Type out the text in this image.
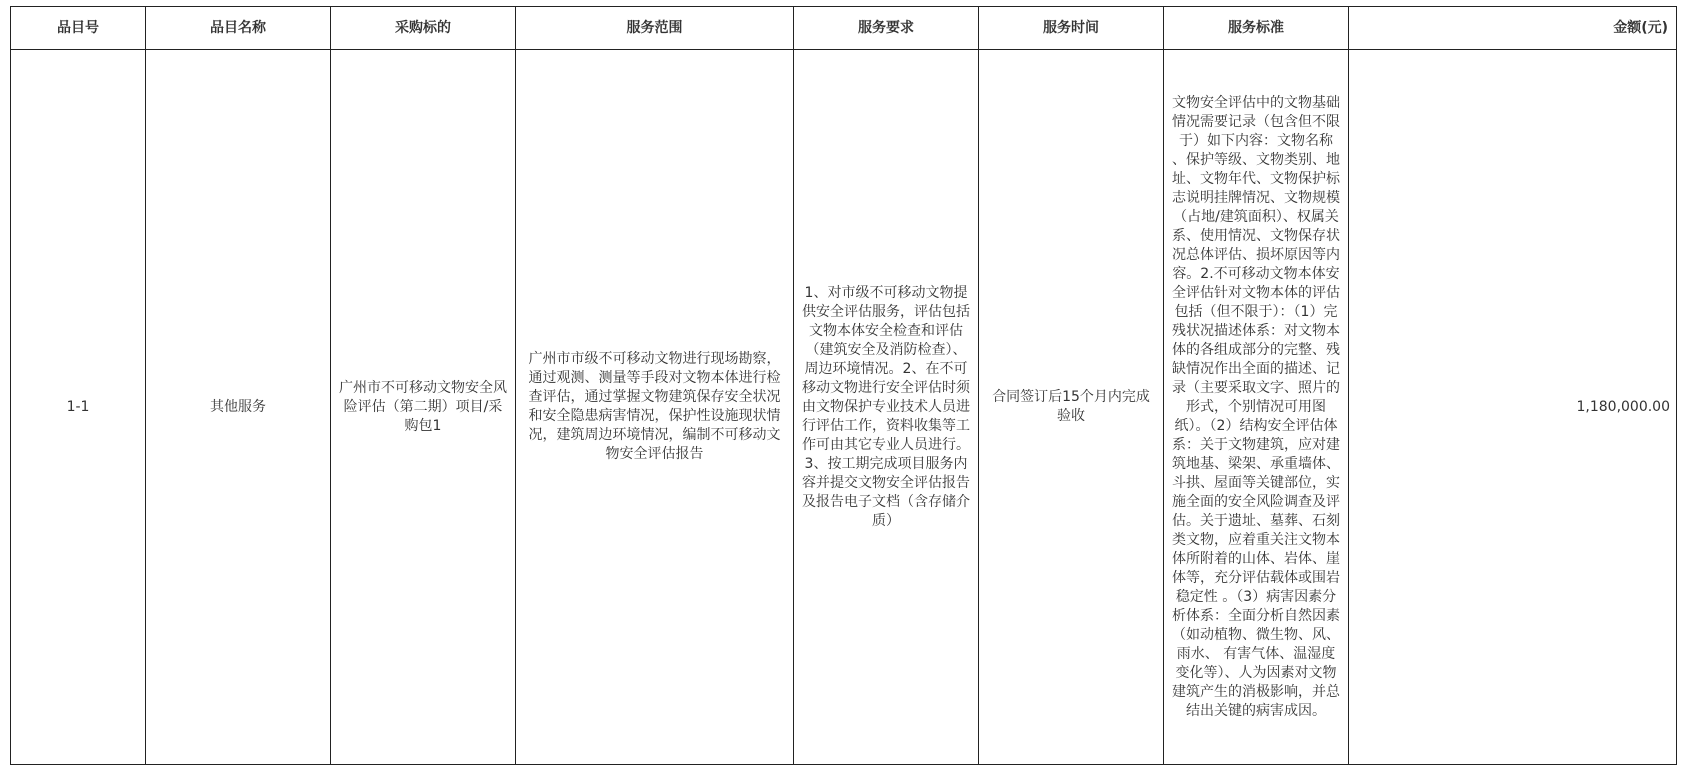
品目号	品目名称	采购标的	服务范围	服务要求	服务时间	服务标准	金额(元)
1-1	其他服务	广州市不可移动文物安全风险评估（第二期）项目/采购包1	广州市市级不可移动文物进行现场勘察，通过观测、测量等手段对文物本体进行检查评估，通过掌握文物建筑保存安全状况和安全隐患病害情况，保护性设施现状情况，建筑周边环境情况，编制不可移动文物安全评估报告	1、对市级不可移动文物提供安全评估服务，评估包括文物本体安全检查和评估（建筑安全及消防检查）、周边环境情况。2、在不可移动文物进行安全评估时须由文物保护专业技术人员进行评估工作，资料收集等工作可由其它专业人员进行。3、按工期完成项目服务内容并提交文物安全评估报告及报告电子文档（含存储介质）	合同签订后15个月内完成验收	文物安全评估中的文物基础情况需要记录（包含但不限于）如下内容：文物名称 、保护等级、文物类别、地址、文物年代、文物保护标志说明挂牌情况、文物规模（占地/建筑面积）、权属关系、使用情况、文物保存状况总体评估、损坏原因等内容。2.不可移动文物本体安全评估针对文物本体的评估包括（但不限于）：（1）完残状况描述体系：对文物本体的各组成部分的完整、残缺情况作出全面的描述、记录（主要采取文字、照片的形式，个别情况可用图纸）。（2）结构安全评估体系：关于文物建筑，应对建筑地基、梁架、承重墙体、斗拱、屋面等关键部位，实施全面的安全风险调查及评估。关于遗址、墓葬、石刻类文物，应着重关注文物本体所附着的山体、岩体、崖体等，充分评估载体或围岩稳定性 。（3）病害因素分析体系：全面分析自然因素（如动植物、微生物、风、雨水、 有害气体、温湿度变化等）、人为因素对文物建筑产生的消极影响，并总结出关键的病害成因。	1,180,000.00
